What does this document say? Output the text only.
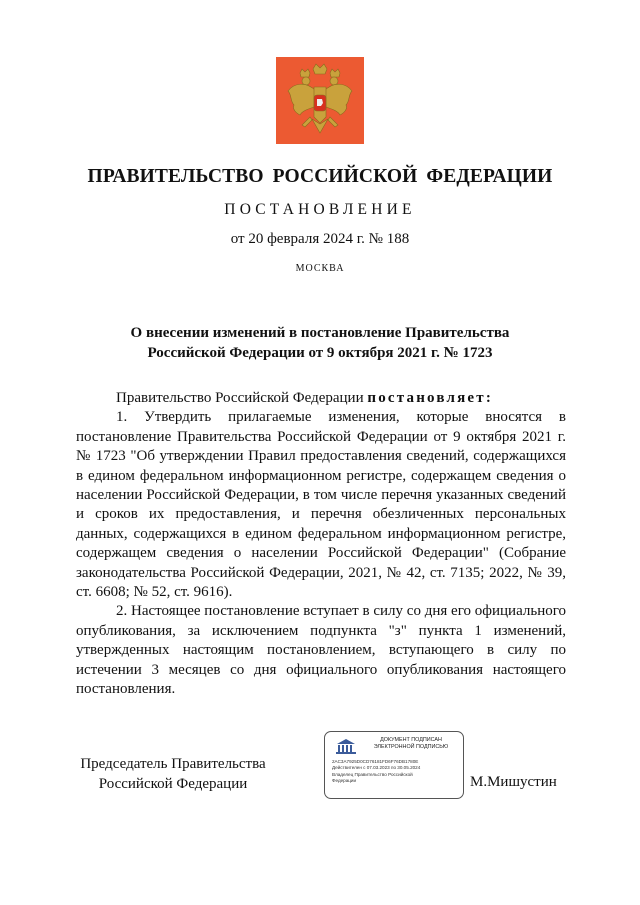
ПРАВИТЕЛЬСТВО РОССИЙСКОЙ ФЕДЕРАЦИИ
ПОСТАНОВЛЕНИЕ
от 20 февраля 2024 г. № 188
МОСКВА
О внесении изменений в постановление Правительства
Российской Федерации от 9 октября 2021 г. № 1723

Правительство Российской Федерации постановляет:

1. Утвердить прилагаемые изменения, которые вносятся в постановление Правительства Российской Федерации от 9 октября 2021 г. № 1723 "Об утверждении Правил предоставления сведений, содержащихся в едином федеральном информационном регистре, содержащем сведения о населении Российской Федерации, в том числе перечня указанных сведений и сроков их предоставления, и перечня обезличенных персональных данных, содержащихся в едином федеральном информационном регистре, содержащем сведения о населении Российской Федерации" (Собрание законодательства Российской Федерации, 2021, № 42, ст. 7135; 2022, № 39, ст. 6608; № 52, ст. 9616).

2. Настоящее постановление вступает в силу со дня его официального опубликования, за исключением подпункта "з" пункта 1 изменений, утвержденных настоящим постановлением, вступающего в силу по истечении 3 месяцев со дня официального опубликования настоящего постановления.

Председатель Правительства
Российской Федерации
ДОКУМЕНТ ПОДПИСАН
ЭЛЕКТРОННОЙ ПОДПИСЬЮ
2AC3A7925D0CD76181FD6F76DB1780E
Действителен с 07.03.2023 по 30.05.2024
Владелец Правительство Российской
Федерации	М.Мишустин
